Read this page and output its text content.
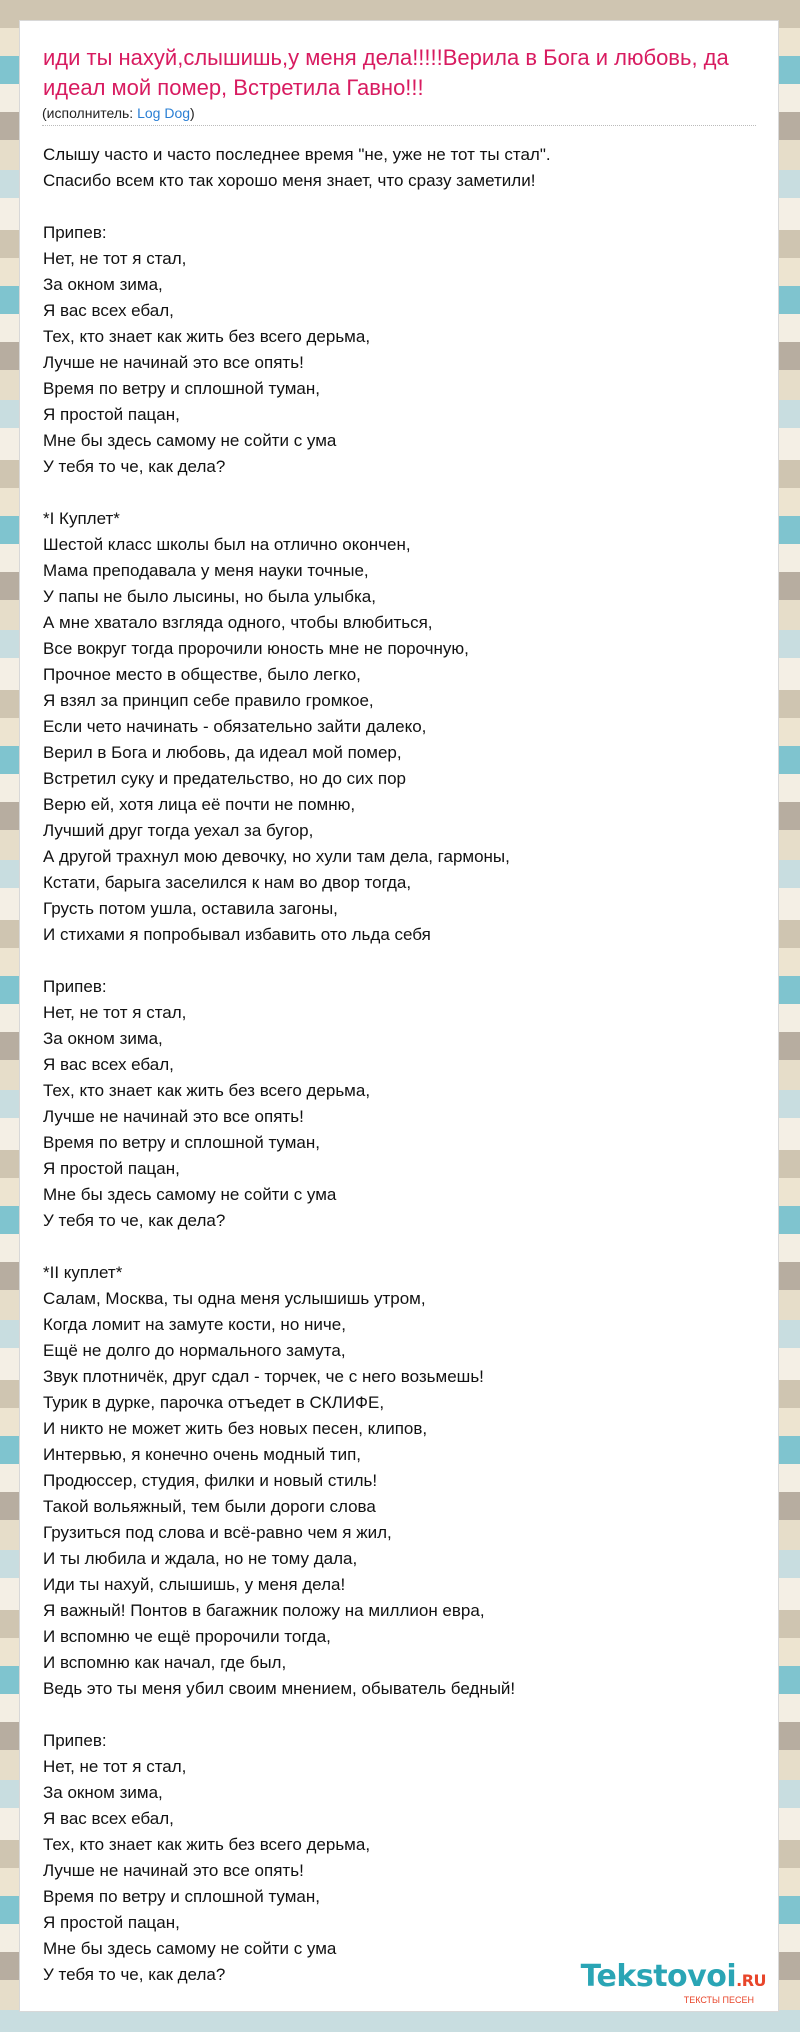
иди ты нахуй,слышишь,у меня дела!!!!!Верила в Бога и любовь, да идеал мой помер, Встретила Гавно!!!
(исполнитель: Log Dog)
Слышу часто и часто последнее время "не, уже не тот ты стал".
Спасибо всем кто так хорошо меня знает, что сразу заметили!

Припев:
Нет, не тот я стал,
За окном зима,
Я вас всех ебал,
Тех, кто знает как жить без всего дерьма,
Лучше не начинай это все опять!
Время по ветру и сплошной туман,
Я простой пацан,
Мне бы здесь самому не сойти с ума
У тебя то че, как дела?

*I Куплет*
Шестой класс школы был на отлично окончен,
Мама преподавала у меня науки точные,
У папы не было лысины, но была улыбка,
А мне хватало взгляда одного, чтобы влюбиться,
Все вокруг тогда пророчили юность мне не порочную,
Прочное место в обществе, было легко,
Я взял за принцип себе правило громкое,
Если чето начинать - обязательно зайти далеко,
Верил в Бога и любовь, да идеал мой помер,
Встретил суку и предательство, но до сих пор
Верю ей, хотя лица её почти не помню,
Лучший друг тогда уехал за бугор,
А другой трахнул мою девочку, но хули там дела, гармоны,
Кстати, барыга заселился к нам во двор тогда,
Грусть потом ушла, оставила загоны,
И стихами я попробывал избавить ото льда себя

Припев:
Нет, не тот я стал,
За окном зима,
Я вас всех ебал,
Тех, кто знает как жить без всего дерьма,
Лучше не начинай это все опять!
Время по ветру и сплошной туман,
Я простой пацан,
Мне бы здесь самому не сойти с ума
У тебя то че, как дела?

*II куплет*
Салам, Москва, ты одна меня услышишь утром,
Когда ломит на замуте кости, но ниче,
Ещё не долго до нормального замута,
Звук плотничёк, друг сдал - торчек, че с него возьмешь!
Турик в дурке, парочка отъедет в СКЛИФЕ,
И никто не может жить без новых песен, клипов,
Интервью, я конечно очень модный тип,
Продюссер, студия, филки и новый стиль!
Такой вольяжный, тем были дороги слова
Грузиться под слова и всё-равно чем я жил,
И ты любила и ждала, но не тому дала,
Иди ты нахуй, слышишь, у меня дела!
Я важный! Понтов в багажник положу на миллион евра,
И вспомню че ещё пророчили тогда,
И вспомню как начал, где был,
Ведь это ты меня убил своим мнением, обыватель бедный!

Припев:
Нет, не тот я стал,
За окном зима,
Я вас всех ебал,
Тех, кто знает как жить без всего дерьма,
Лучше не начинай это все опять!
Время по ветру и сплошной туман,
Я простой пацан,
Мне бы здесь самому не сойти с ума
У тебя то че, как дела?	Tekstovoi.RU
ТЕКСТЫ ПЕСЕН
